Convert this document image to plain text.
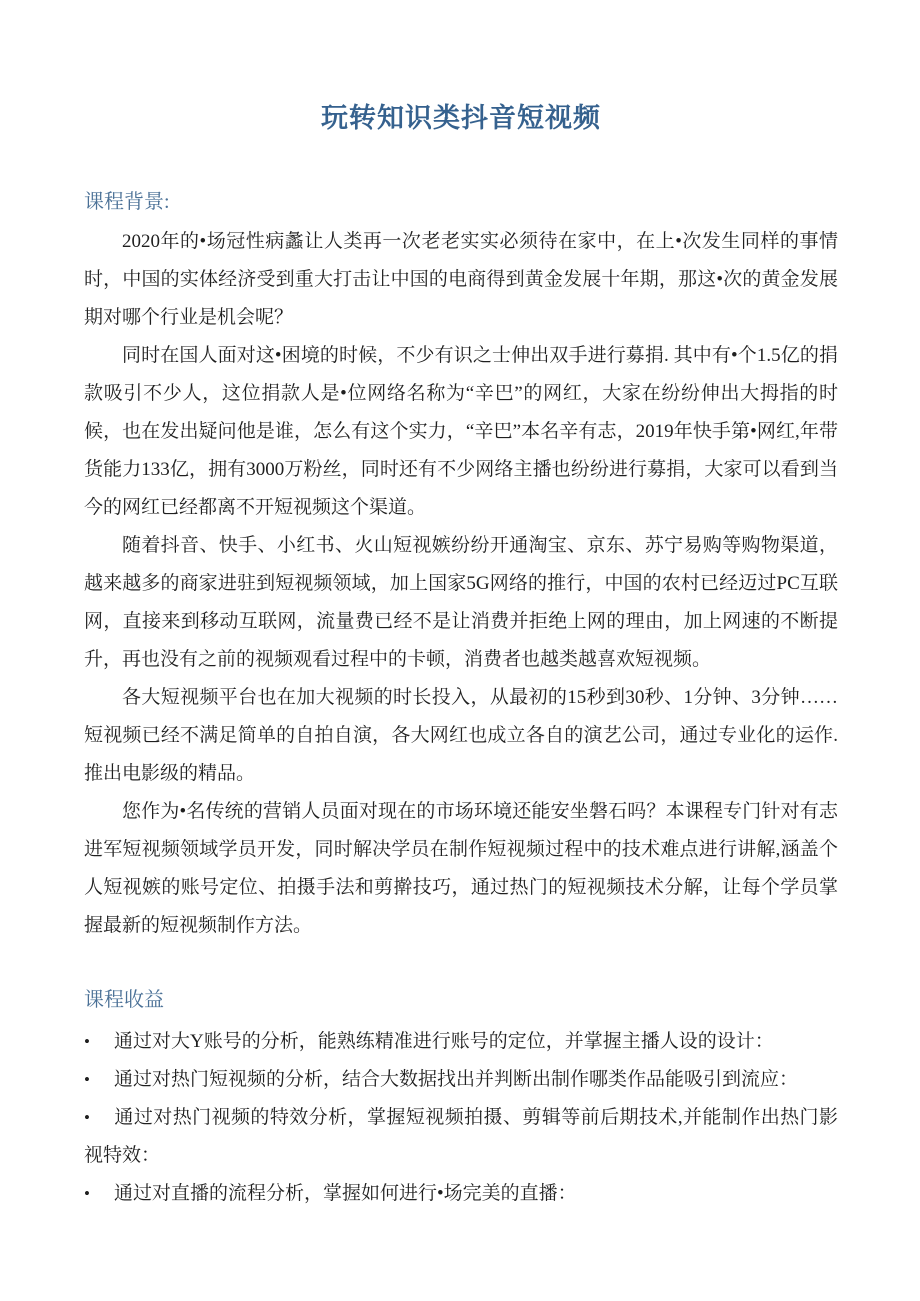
玩转知识类抖音短视频
课程背景:

2020年的•场冠性病蠡让人类再一次老老实实必须待在家中，在上•次发生同样的事情时，中国的实体经济受到重大打击让中国的电商得到黄金发展十年期，那这•次的黄金发展期对哪个行业是机会呢？

同时在国人面对这•困境的时候，不少有识之士伸出双手进行募捐. 其中有•个1.5亿的捐款吸引不少人，这位捐款人是•位网络名称为“辛巴”的网红，大家在纷纷伸出大拇指的时候，也在发出疑问他是谁，怎么有这个实力，“辛巴”本名辛有志，2019年快手第•网红,年带货能力133亿，拥有3000万粉丝，同时还有不少网络主播也纷纷进行募捐，大家可以看到当今的网红已经都离不开短视频这个渠道。

随着抖音、快手、小红书、火山短视嫉纷纷开通淘宝、京东、苏宁易购等购物渠道，越来越多的商家进驻到短视频领域，加上国家5G网络的推行，中国的农村已经迈过PC互联网，直接来到移动互联网，流量费已经不是让消费并拒绝上网的理由，加上网速的不断提升，再也没有之前的视频观看过程中的卡顿，消费者也越类越喜欢短视频。

各大短视频平台也在加大视频的时长投入，从最初的15秒到30秒、1分钟、3分钟……短视频已经不满足简单的自拍自演，各大网红也成立各自的演艺公司，通过专业化的运作.推出电影级的精品。

您作为•名传统的营销人员面对现在的市场环境还能安坐磐石吗？本课程专门针对有志进军短视频领域学员开发，同时解决学员在制作短视频过程中的技术难点进行讲解,涵盖个人短视嫉的账号定位、拍摄手法和剪擀技巧，通过热门的短视频技术分解，让每个学员掌握最新的短视频制作方法。

课程收益

• 通过对大Y账号的分析，能熟练精准进行账号的定位，并掌握主播人设的设计：

• 通过对热门短视频的分析，结合大数据找出并判断出制作哪类作品能吸引到流应：

• 通过对热门视频的特效分析，掌握短视频拍摄、剪辑等前后期技术,并能制作出热门影视特效：

• 通过对直播的流程分析，掌握如何进行•场完美的直播：
